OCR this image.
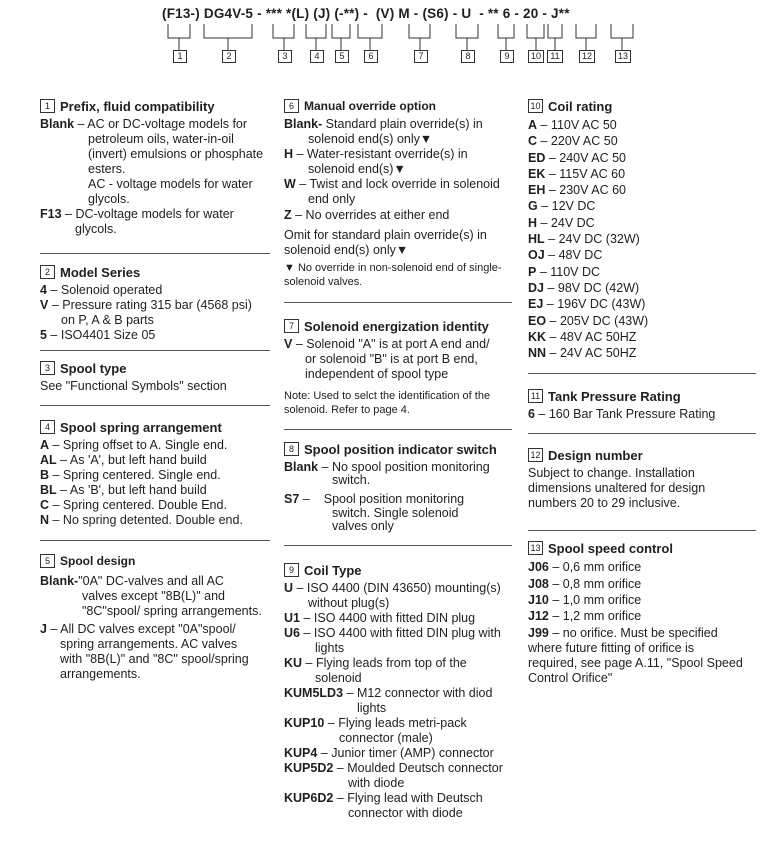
(F13-) DG4V-5 - *** *(L) (J) (-**) -  (V) M - (S6) - U  - ** 6 - 20 - J**
1	2	3	4	5	6	7	8	9	10	11	12	13
1 Prefix, fluid compatibility
Blank – AC or DC-voltage models for
petroleum oils, water-in-oil
(invert) emulsions or phosphate
esters.
AC - voltage models for water
glycols.
F13 – DC-voltage models for water
glycols.
2 Model Series
4 – Solenoid operated
V – Pressure rating 315 bar (4568 psi)
on P, A & B parts
5 – ISO4401 Size 05
3 Spool type
See "Functional Symbols" section
4 Spool spring arrangement
A – Spring offset to A. Single end.
AL – As 'A', but left hand build
B – Spring centered. Single end.
BL – As 'B', but left hand build
C – Spring centered. Double End.
N – No spring detented. Double end.
5 Spool design
Blank-"0A" DC-valves and all AC
valves except "8B(L)" and
"8C"spool/ spring arrangements.
J – All DC valves except "0A"spool/
spring arrangements. AC valves
with "8B(L)" and "8C" spool/spring
arrangements.
6 Manual override option
Blank- Standard plain override(s) in
solenoid end(s) only▼
H – Water-resistant override(s) in
solenoid end(s)▼
W – Twist and lock override in solenoid
end only
Z – No overrides at either end
Omit for standard plain override(s) in
solenoid end(s) only▼
▼ No override in non-solenoid end of single-
solenoid valves.
7 Solenoid energization identity
V – Solenoid "A" is at port A end and/
or solenoid "B" is at port B end,
independent of spool type
Note: Used to selct the identification of the
solenoid. Refer to page 4.
8 Spool position indicator switch
Blank – No spool position monitoring
switch.
S7 – Spool position monitoring
switch. Single solenoid
valves only
9 Coil Type
U – ISO 4400 (DIN 43650) mounting(s)
without plug(s)
U1 – ISO 4400 with fitted DIN plug
U6 – ISO 4400 with fitted DIN plug with
lights
KU – Flying leads from top of the
solenoid
KUM5LD3 – M12 connector with diod
lights
KUP10 – Flying leads metri-pack
connector (male)
KUP4 – Junior timer (AMP) connector
KUP5D2 – Moulded Deutsch connector
with diode
KUP6D2 – Flying lead with Deutsch
connector with diode
10 Coil rating
A – 110V AC 50
C – 220V AC 50
ED – 240V AC 50
EK – 115V AC 60
EH – 230V AC 60
G – 12V DC
H – 24V DC
HL – 24V DC (32W)
OJ – 48V DC
P – 110V DC
DJ – 98V DC (42W)
EJ – 196V DC (43W)
EO – 205V DC (43W)
KK – 48V AC 50HZ
NN – 24V AC 50HZ
11 Tank Pressure Rating
6 – 160 Bar Tank Pressure Rating
12 Design number
Subject to change. Installation
dimensions unaltered for design
numbers 20 to 29 inclusive.
13 Spool speed control
J06 – 0,6 mm orifice
J08 – 0,8 mm orifice
J10 – 1,0 mm orifice
J12 – 1,2 mm orifice
J99 – no orifice. Must be specified
where future fitting of orifice is
required, see page A.11, "Spool Speed
Control Orifice"
